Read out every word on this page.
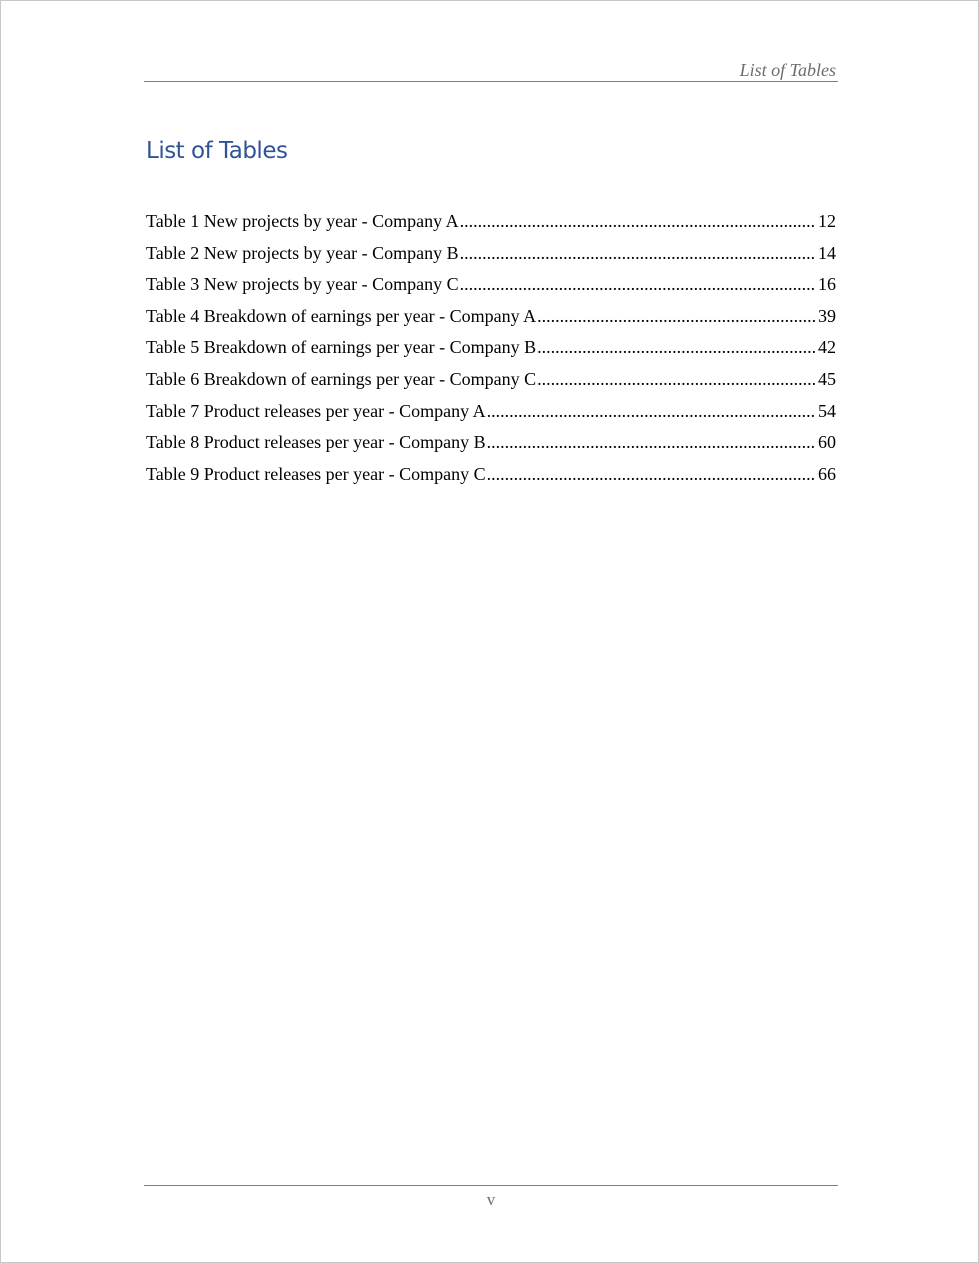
List of Tables
List of Tables
Table 1 New projects by year - Company A .....	12
Table 2 New projects by year - Company B .....	14
Table 3 New projects by year - Company C .....	16
Table 4 Breakdown of earnings per year - Company A .....	39
Table 5 Breakdown of earnings per year - Company B .....	42
Table 6 Breakdown of earnings per year - Company C .....	45
Table 7 Product releases per year - Company A .....	54
Table 8 Product releases per year - Company B .....	60
Table 9 Product releases per year - Company C .....	66
v
